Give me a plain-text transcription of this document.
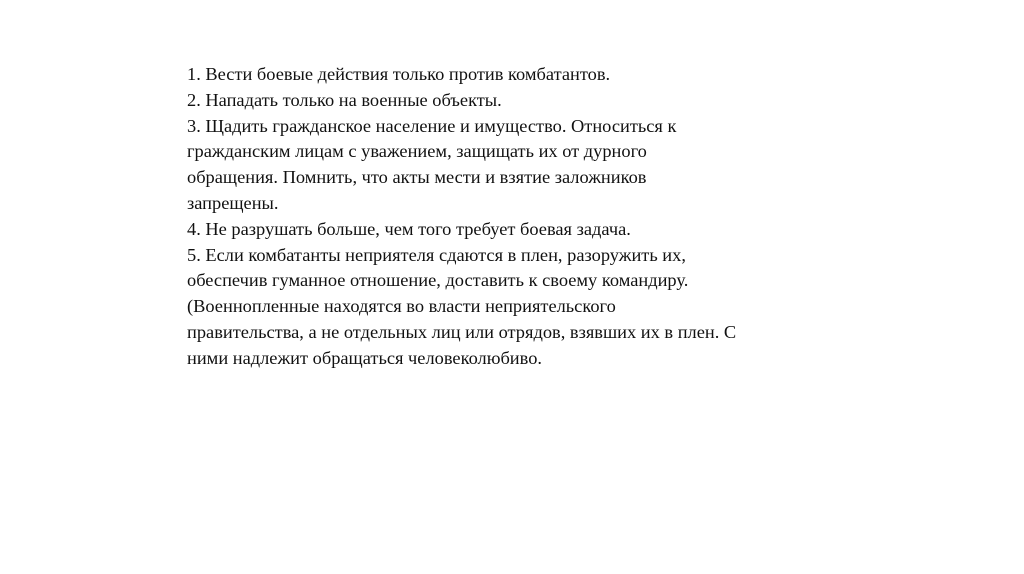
1. Вести боевые действия только против комбатантов.
2. Нападать только на военные объекты.
3. Щадить гражданское население и имущество. Относиться к
гражданским лицам с уважением, защищать их от дурного
обращения. Помнить, что акты мести и взятие заложников
запрещены.
4. Не разрушать больше, чем того требует боевая задача.
5. Если комбатанты неприятеля сдаются в плен, разоружить их,
обеспечив гуманное отношение, доставить к своему командиру.
(Военнопленные находятся во власти неприятельского
правительства, а не отдельных лиц или отрядов, взявших их в плен. С
ними надлежит обращаться человеколюбиво.
